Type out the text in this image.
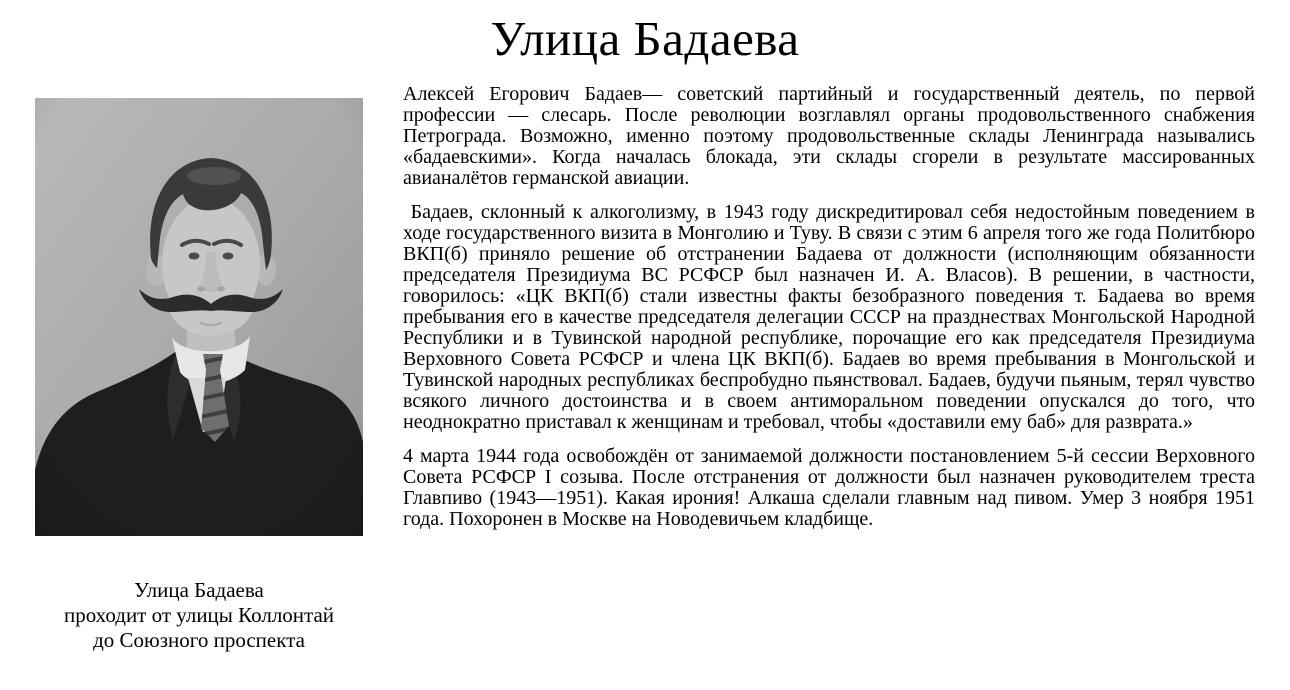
Улица Бадаева
Улица Бадаева
проходит от улицы Коллонтай
до Союзного проспекта

Алексей Егорович Бадаев— советский партийный и государственный деятель, по первой профессии — слесарь. После революции возглавлял органы продовольственного снабжения Петрограда. Возможно, именно поэтому продовольственные склады Ленинграда назывались «бадаевскими». Когда началась блокада, эти склады сгорели в результате массированных авианалётов германской авиации.

Бадаев, склонный к алкоголизму, в 1943 году дискредитировал себя недостойным поведением в ходе государственного визита в Монголию и Туву. В связи с этим 6 апреля того же года Политбюро ВКП(б) приняло решение об отстранении Бадаева от должности (исполняющим обязанности председателя Президиума ВС РСФСР был назначен И. А. Власов). В решении, в частности, говорилось: «ЦК ВКП(б) стали известны факты безобразного поведения т. Бадаева во время пребывания его в качестве председателя делегации СССР на празднествах Монгольской Народной Республики и в Тувинской народной республике, порочащие его как председателя Президиума Верховного Совета РСФСР и члена ЦК ВКП(б). Бадаев во время пребывания в Монгольской и Тувинской народных республиках беспробудно пьянствовал. Бадаев, будучи пьяным, терял чувство всякого личного достоинства и в своем антиморальном поведении опускался до того, что неоднократно приставал к женщинам и требовал, чтобы «доставили ему баб» для разврата.»

4 марта 1944 года освобождён от занимаемой должности постановлением 5-й сессии Верховного Совета РСФСР I созыва. После отстранения от должности был назначен руководителем треста Главпиво (1943—1951). Какая ирония! Алкаша сделали главным над пивом. Умер 3 ноября 1951 года. Похоронен в Москве на Новодевичьем кладбище.
